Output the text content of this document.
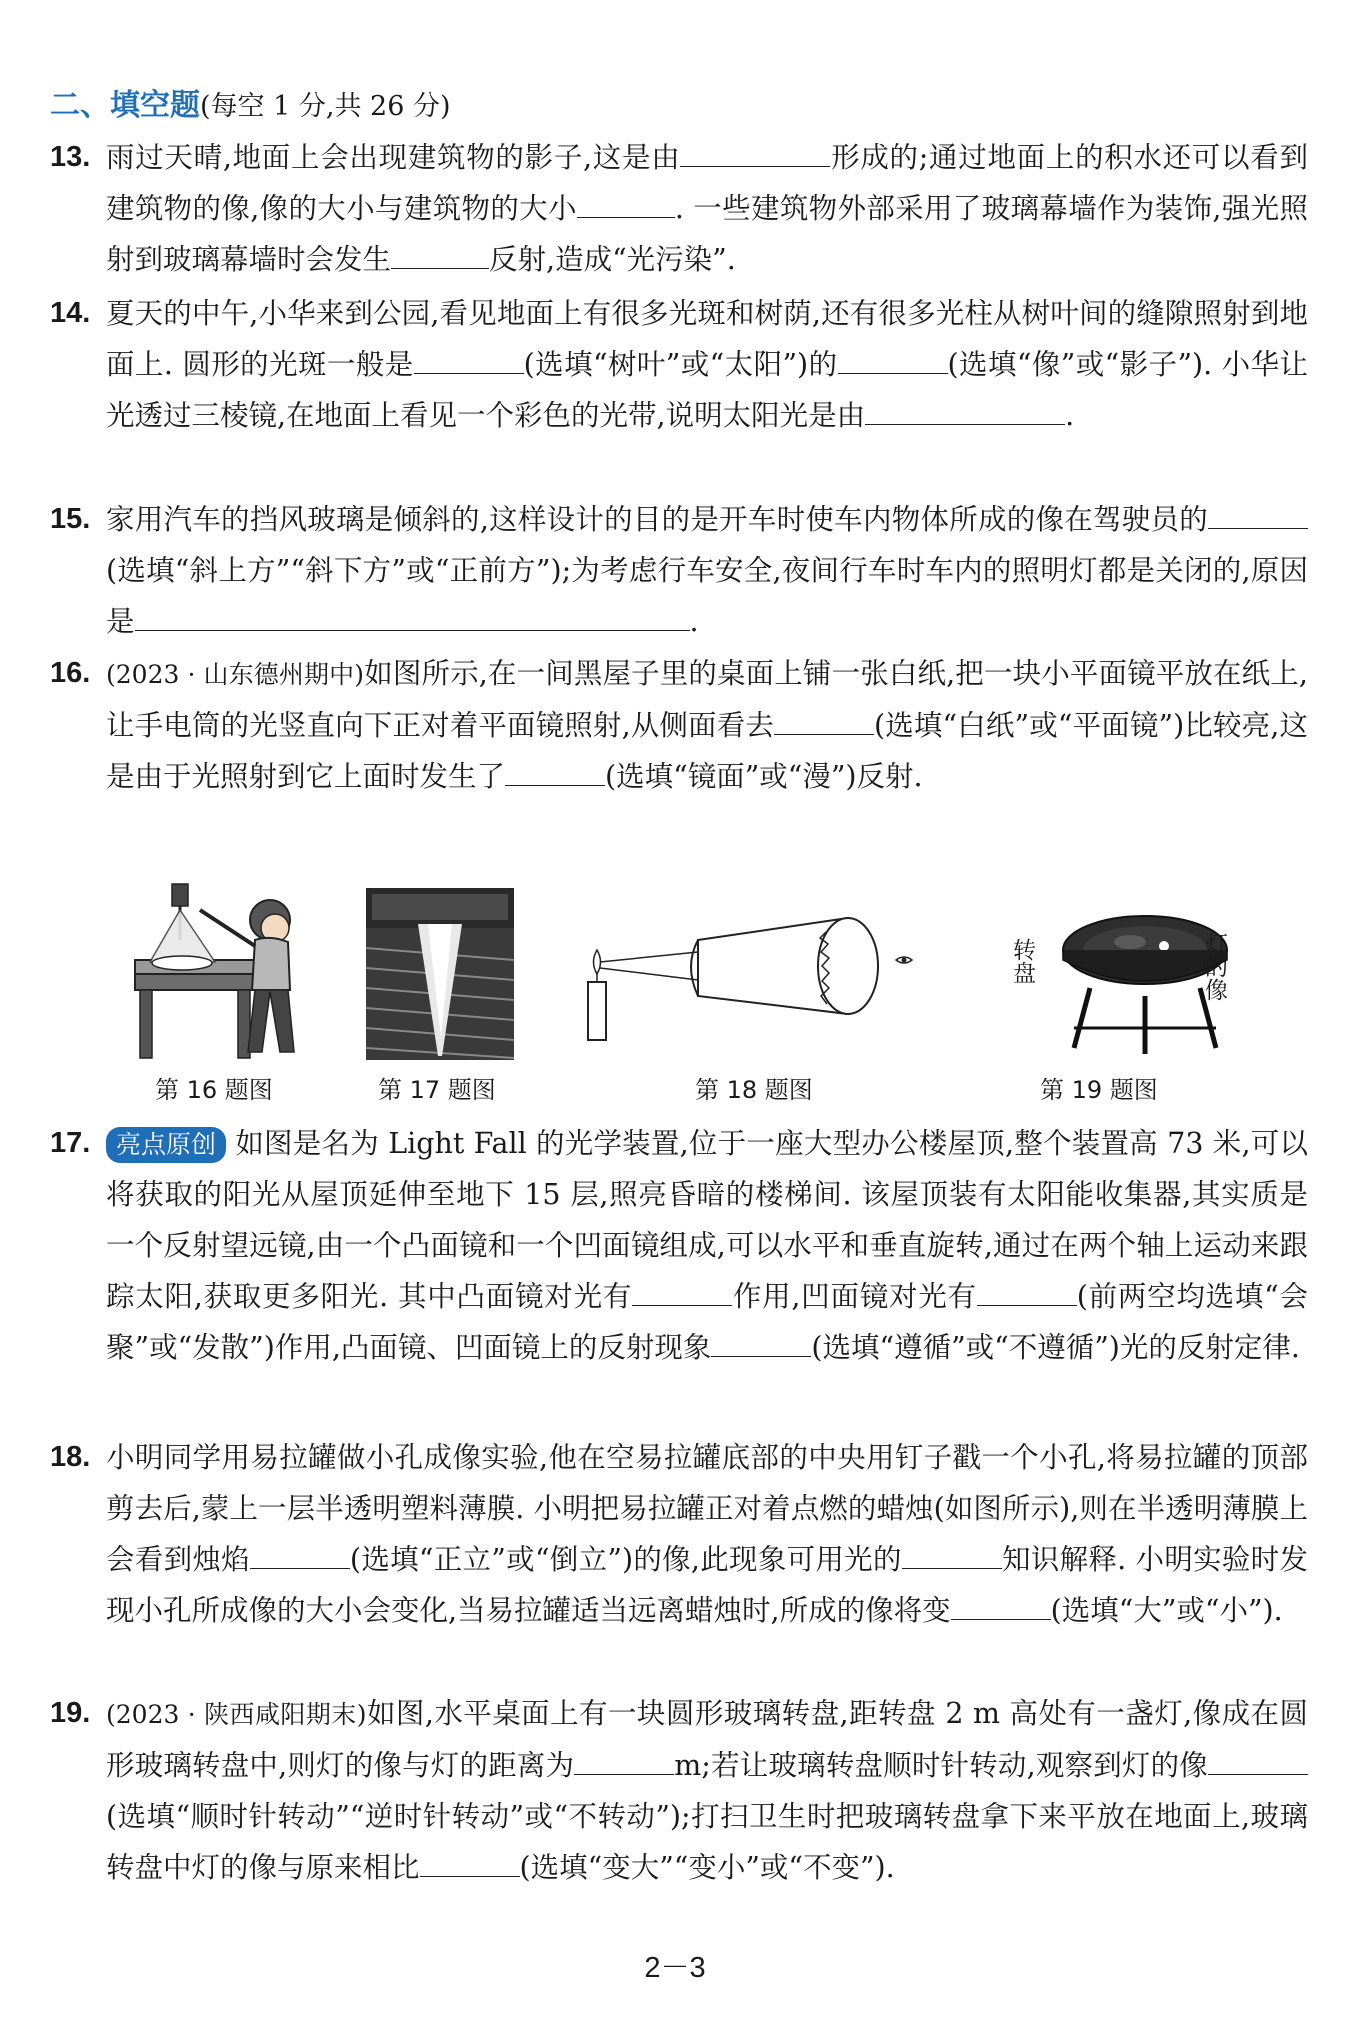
二、填空题(每空 1 分,共 26 分)
13. 雨过天晴,地面上会出现建筑物的影子,这是由	形成的;通过地面上的积水还可以看到建筑物的像,像的大小与建筑物的大小	. 一些建筑物外部采用了玻璃幕墙作为装饰,强光照射到玻璃幕墙时会发生	反射,造成“光污染”.
14. 夏天的中午,小华来到公园,看见地面上有很多光斑和树荫,还有很多光柱从树叶间的缝隙照射到地面上. 圆形的光斑一般是	(选填“树叶”或“太阳”)的	(选填“像”或“影子”). 小华让光透过三棱镜,在地面上看见一个彩色的光带,说明太阳光是由	.
15. 家用汽车的挡风玻璃是倾斜的,这样设计的目的是开车时使车内物体所成的像在驾驶员的(选填“斜上方”“斜下方”或“正前方”);为考虑行车安全,夜间行车时车内的照明灯都是关闭的,原因是	.
16. (2023 · 山东德州期中)如图所示,在一间黑屋子里的桌面上铺一张白纸,把一块小平面镜平放在纸上,让手电筒的光竖直向下正对着平面镜照射,从侧面看去	(选填“白纸”或“平面镜”)比较亮,这是由于光照射到它上面时发生了	(选填“镜面”或“漫”)反射.
转盘	灯的像
第 16 题图	第 17 题图	第 18 题图	第 19 题图
17.	亮点原创 如图是名为 Light Fall 的光学装置,位于一座大型办公楼屋顶,整个装置高 73 米,可以将获取的阳光从屋顶延伸至地下 15 层,照亮昏暗的楼梯间. 该屋顶装有太阳能收集器,其实质是一个反射望远镜,由一个凸面镜和一个凹面镜组成,可以水平和垂直旋转,通过在两个轴上运动来跟踪太阳,获取更多阳光. 其中凸面镜对光有	作用,凹面镜对光有	(前两空均选填“会聚”或“发散”)作用,凸面镜、凹面镜上的反射现象	(选填“遵循”或“不遵循”)光的反射定律.
18. 小明同学用易拉罐做小孔成像实验,他在空易拉罐底部的中央用钉子戳一个小孔,将易拉罐的顶部剪去后,蒙上一层半透明塑料薄膜. 小明把易拉罐正对着点燃的蜡烛(如图所示),则在半透明薄膜上会看到烛焰	(选填“正立”或“倒立”)的像,此现象可用光的	知识解释. 小明实验时发现小孔所成像的大小会变化,当易拉罐适当远离蜡烛时,所成的像将变	(选填“大”或“小”).
19. (2023 · 陕西咸阳期末)如图,水平桌面上有一块圆形玻璃转盘,距转盘 2 m 高处有一盏灯,像成在圆形玻璃转盘中,则灯的像与灯的距离为	m;若让玻璃转盘顺时针转动,观察到灯的像(选填“顺时针转动”“逆时针转动”或“不转动”);打扫卫生时把玻璃转盘拿下来平放在地面上,玻璃转盘中灯的像与原来相比	(选填“变大”“变小”或“不变”).
2－3
